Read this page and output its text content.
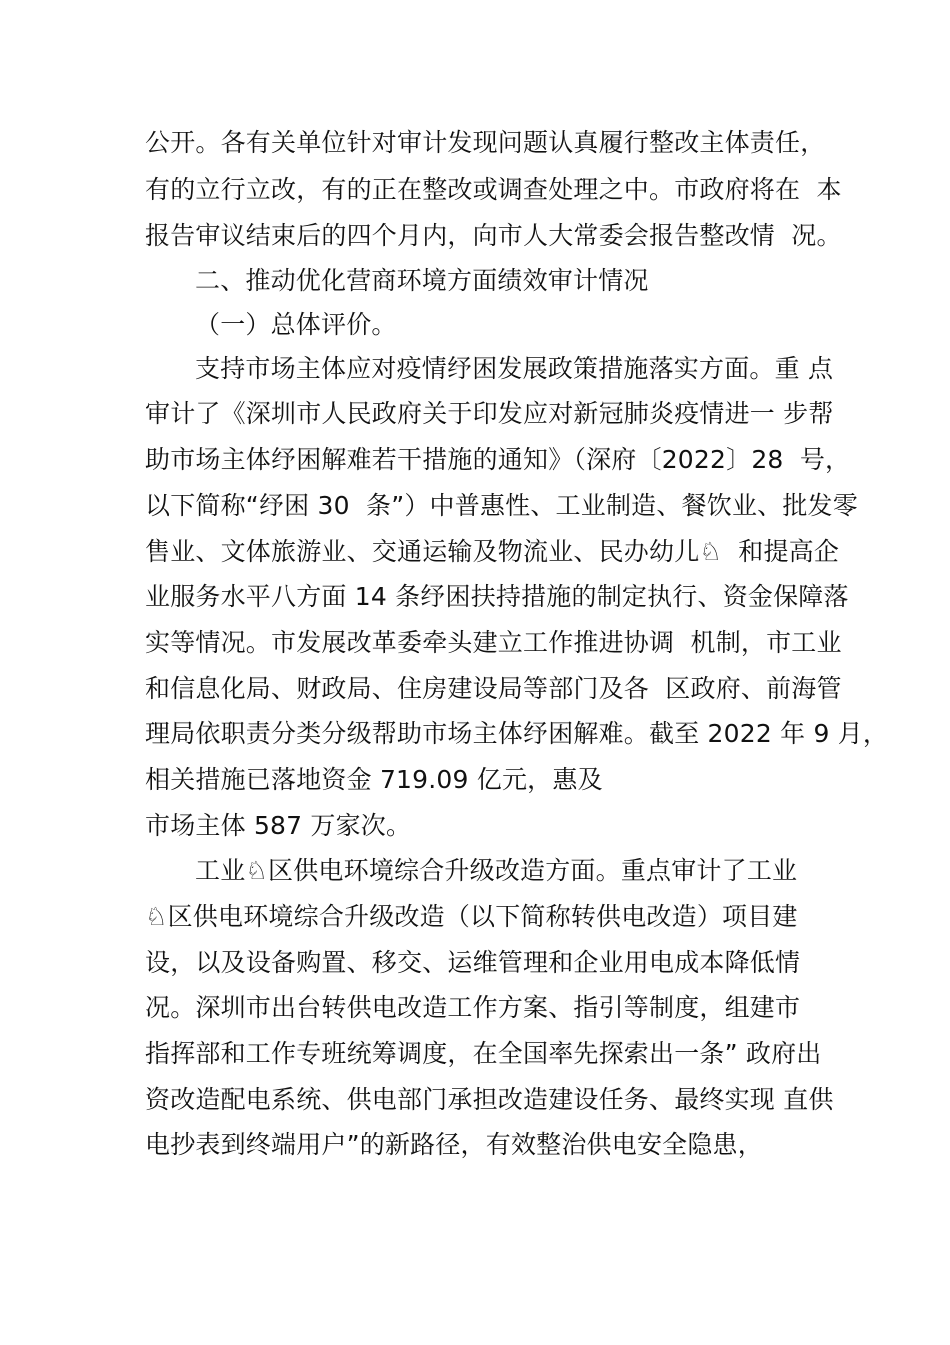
公开。各有关单位针对审计发现问题认真履行整改主体责任，
有的立行立改，有的正在整改或调查处理之中。市政府将在  本
报告审议结束后的四个月内，向市人大常委会报告整改情  况。
二、推动优化营商环境方面绩效审计情况
（一）总体评价。
支持市场主体应对疫情纾困发展政策措施落实方面。重 点
审计了《深圳市人民政府关于印发应对新冠肺炎疫情进一 步帮
助市场主体纾困解难若干措施的通知》（深府〔2022〕28  号，
以下简称“纾困 30  条”）中普惠性、工业制造、餐饮业、批发零
售业、文体旅游业、交通运输及物流业、民办幼儿♘  和提高企
业服务水平八方面 14 条纾困扶持措施的制定执行、资金保障落
实等情况。市发展改革委牵头建立工作推进协调  机制，市工业
和信息化局、财政局、住房建设局等部门及各  区政府、前海管
理局依职责分类分级帮助市场主体纾困解难。截至 2022 年 9 月，
相关措施已落地资金 719.09 亿元，惠及
市场主体 587 万家次。
工业♘区供电环境综合升级改造方面。重点审计了工业
♘区供电环境综合升级改造（以下简称转供电改造）项目建
设，以及设备购置、移交、运维管理和企业用电成本降低情
况。深圳市出台转供电改造工作方案、指引等制度，组建市
指挥部和工作专班统筹调度，在全国率先探索出一条” 政府出
资改造配电系统、供电部门承担改造建设任务、最终实现 直供
电抄表到终端用户”的新路径，有效整治供电安全隐患，
